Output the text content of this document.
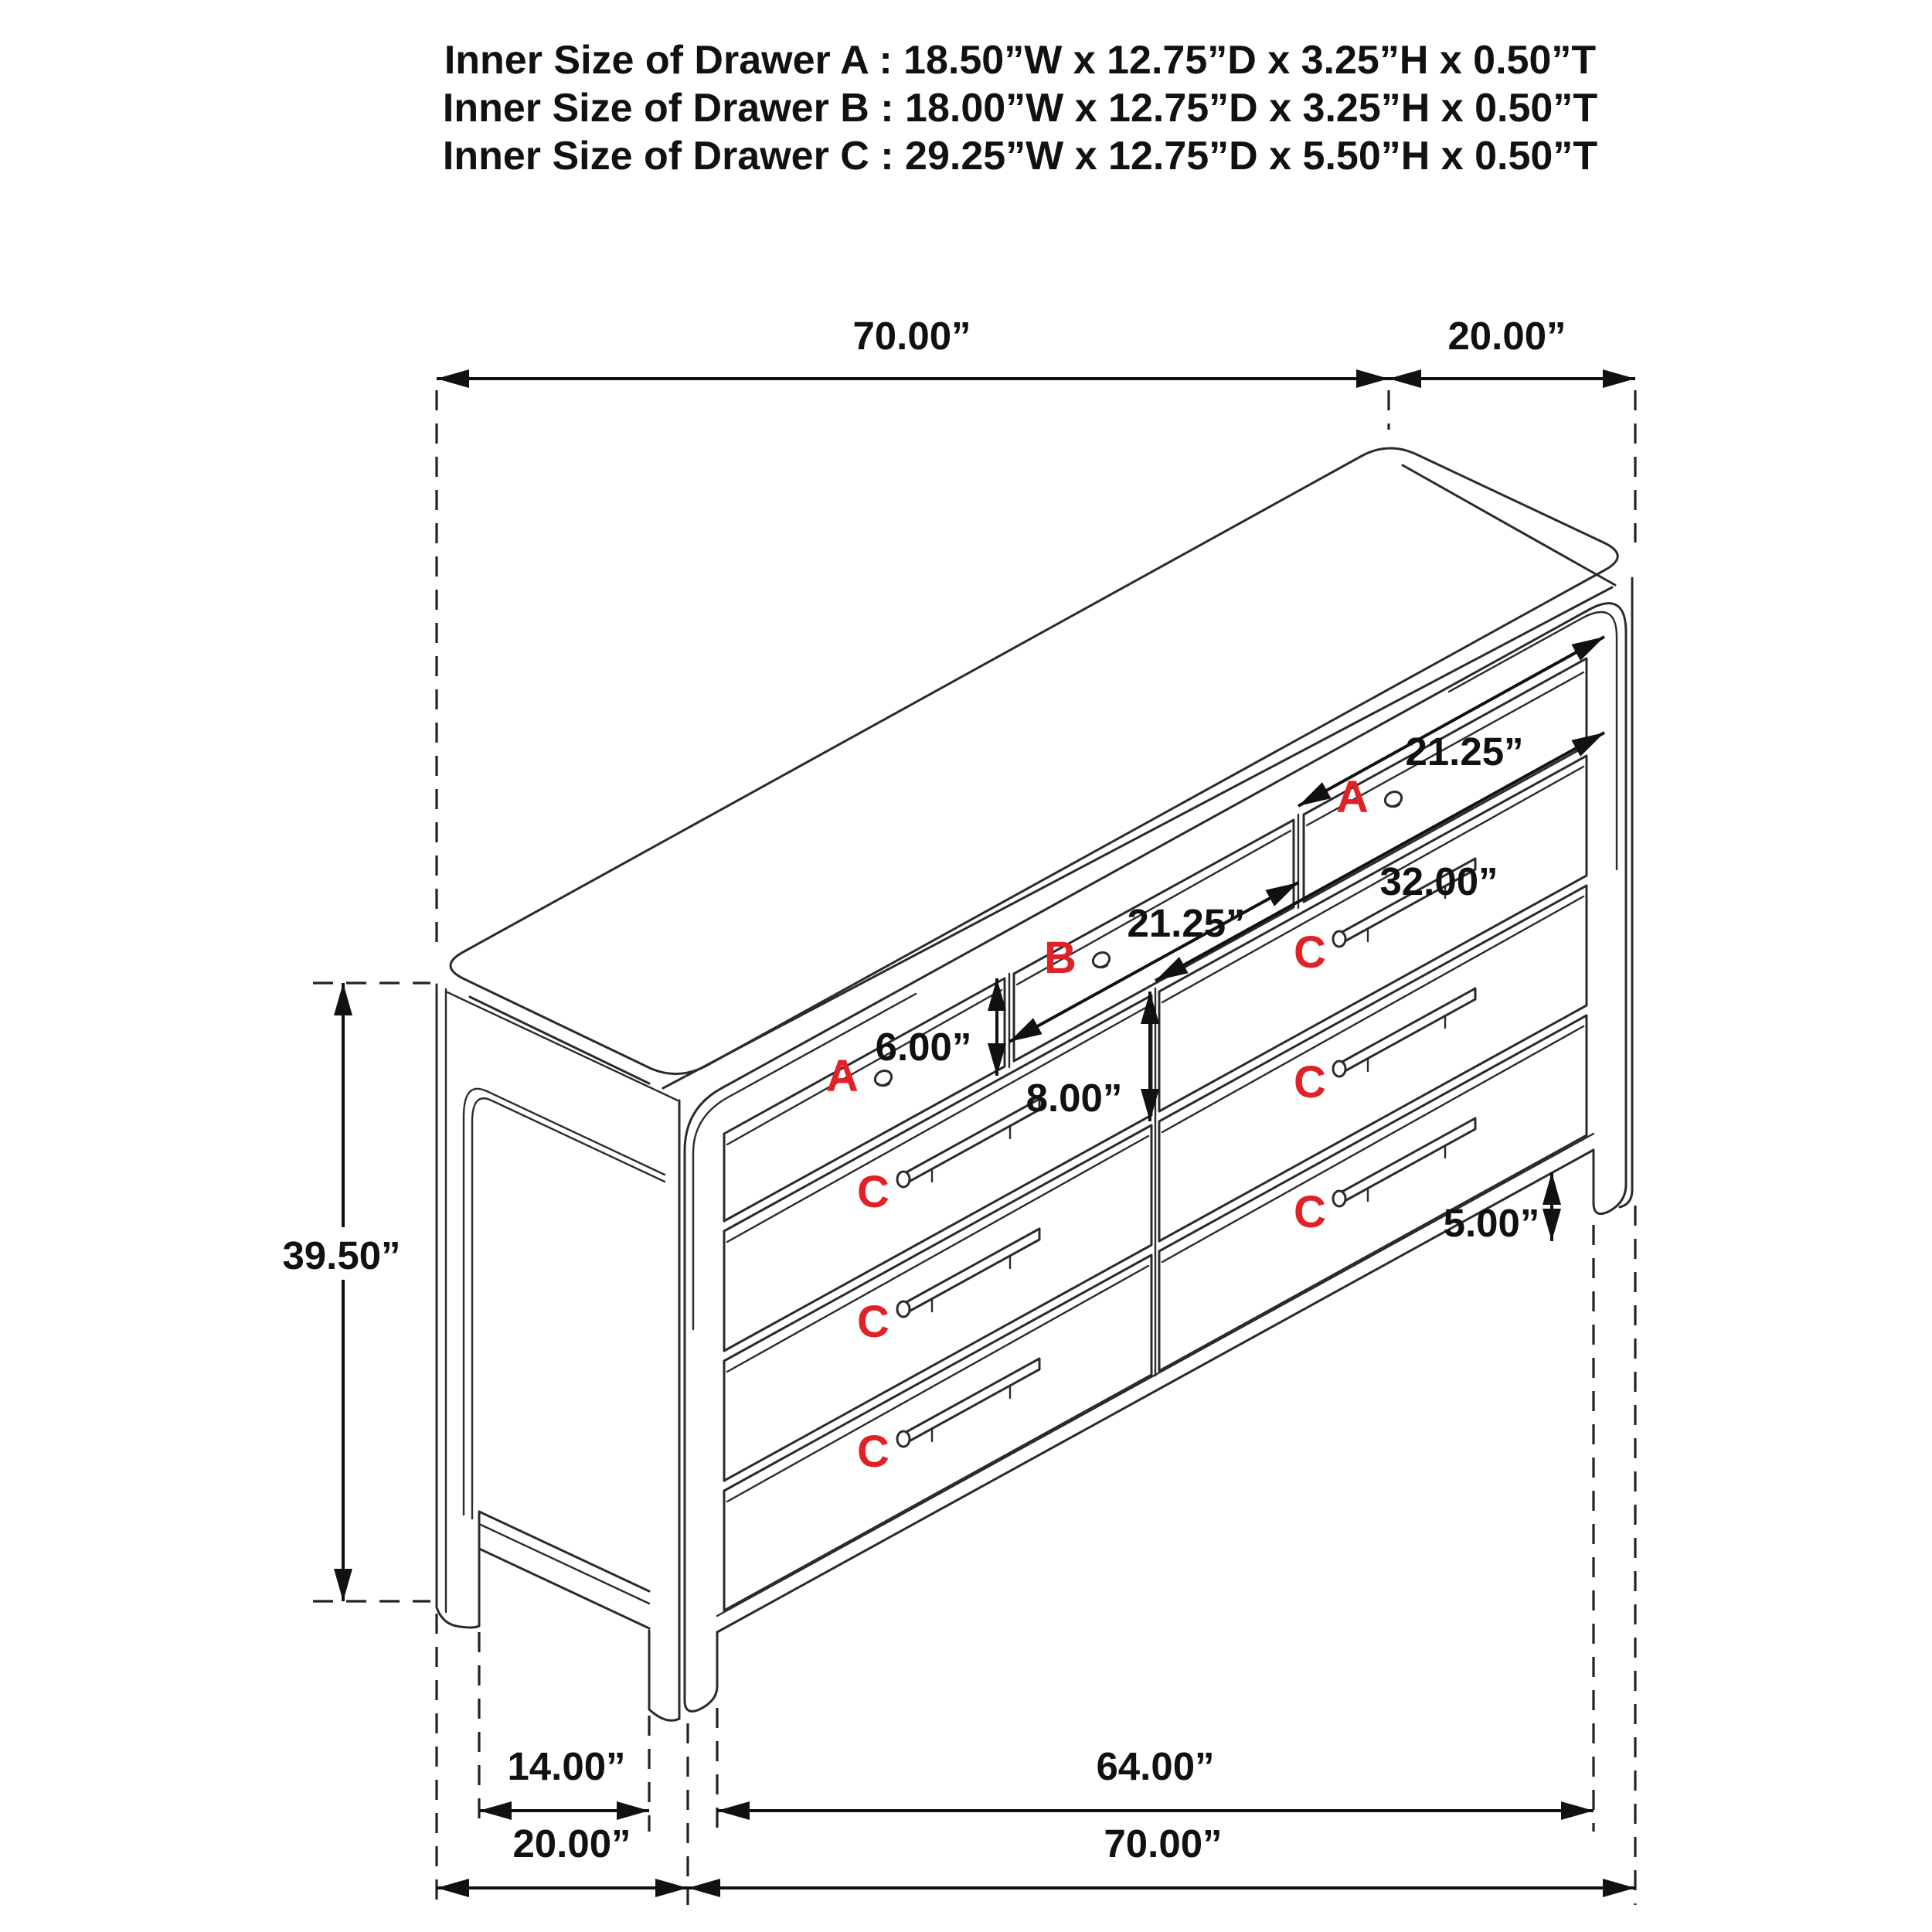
Inner Size of Drawer A : 18.50”W x 12.75”D x 3.25”H x 0.50”T
Inner Size of Drawer B : 18.00”W x 12.75”D x 3.25”H x 0.50”T
Inner Size of Drawer C : 29.25”W x 12.75”D x 5.50”H x 0.50”T
A
B
A
C
C
C
C
C
C
70.00”	20.00”
39.50”
21.25”
21.25”
32.00”
6.00”
8.00”
5.00”
14.00”	64.00”
20.00”	70.00”
